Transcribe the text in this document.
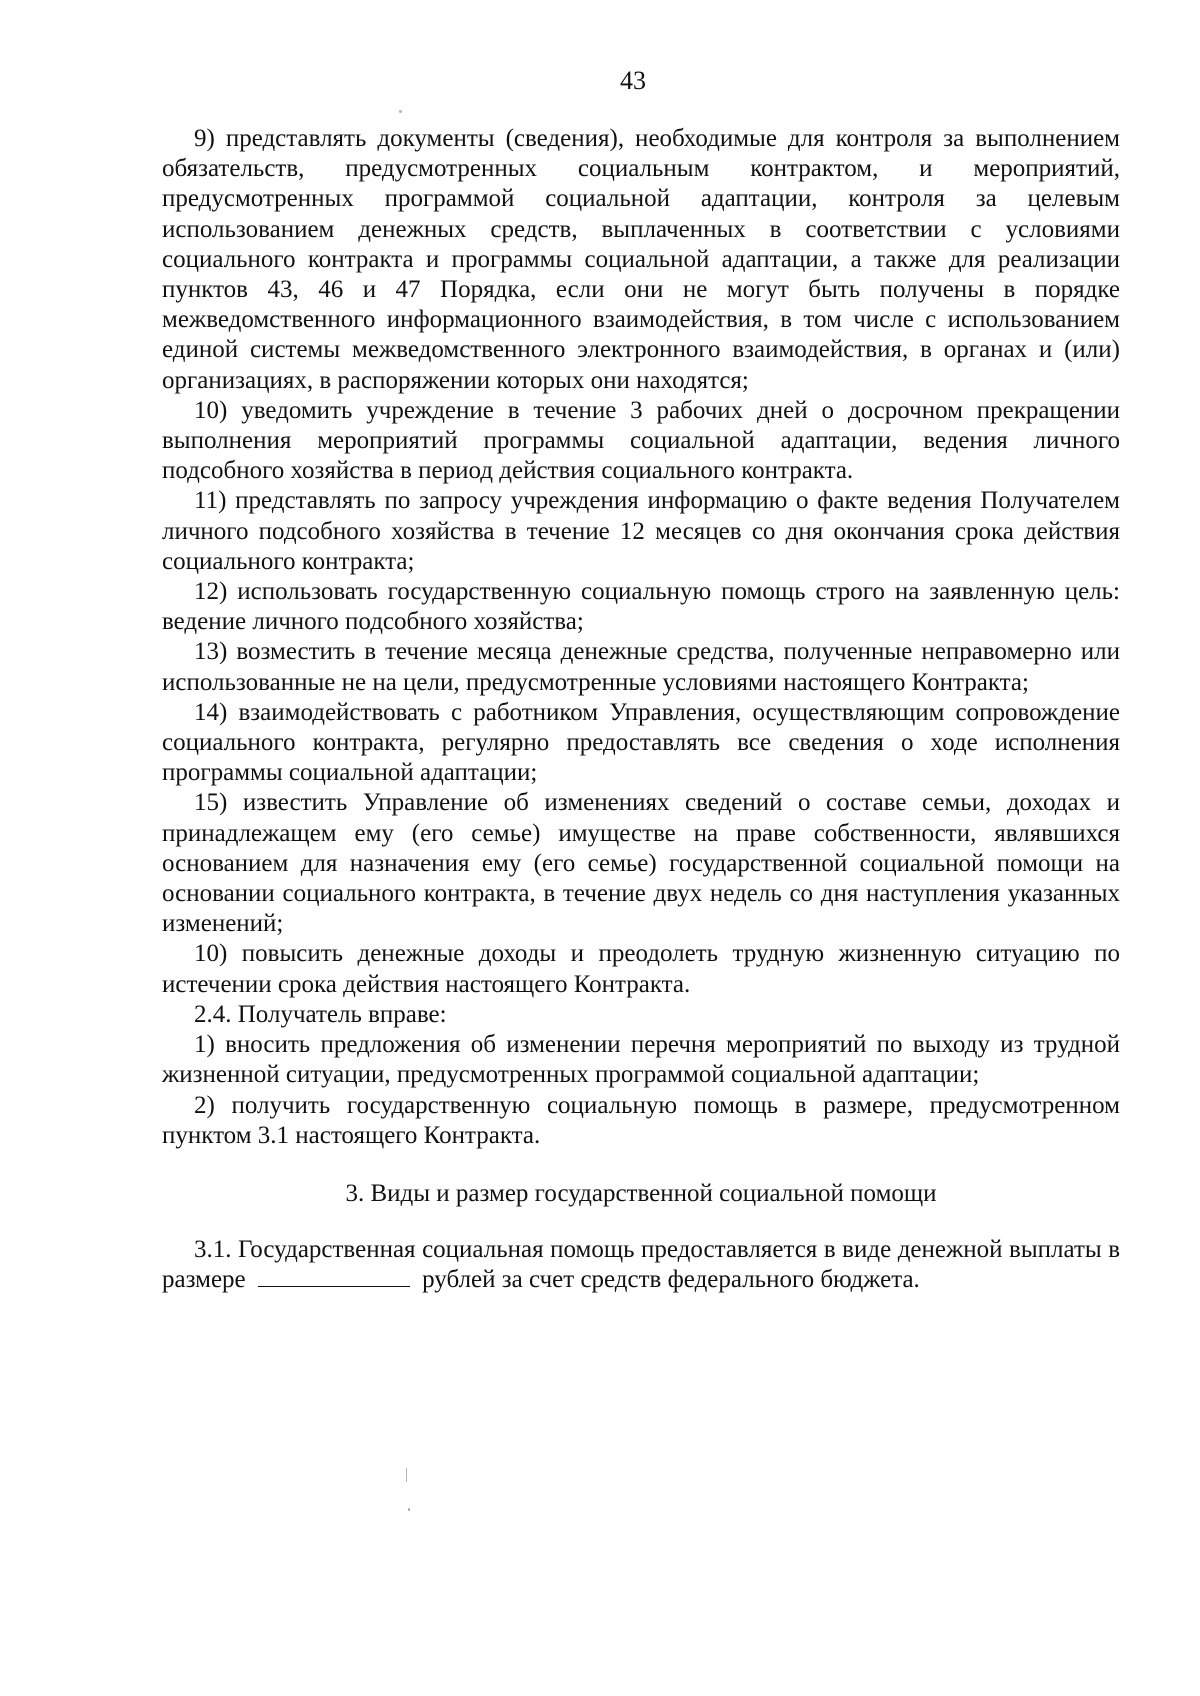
43

9) представлять документы (сведения), необходимые для контроля за выполнением обязательств, предусмотренных социальным контрактом, и мероприятий, предусмотренных программой социальной адаптации, контроля за целевым использованием денежных средств, выплаченных в соответствии с условиями социального контракта и программы социальной адаптации, а также для реализации пунктов 43, 46 и 47 Порядка, если они не могут быть получены в порядке межведомственного информационного взаимодействия, в том числе с использованием единой системы межведомственного электронного взаимодействия, в органах и (или) организациях, в распоряжении которых они находятся;

10) уведомить учреждение в течение 3 рабочих дней о досрочном прекращении выполнения мероприятий программы социальной адаптации, ведения личного подсобного хозяйства в период действия социального контракта.

11) представлять по запросу учреждения информацию о факте ведения Получателем личного подсобного хозяйства в течение 12 месяцев со дня окончания срока действия социального контракта;

12) использовать государственную социальную помощь строго на заявленную цель: ведение личного подсобного хозяйства;

13) возместить в течение месяца денежные средства, полученные неправомерно или использованные не на цели, предусмотренные условиями настоящего Контракта;

14) взаимодействовать с работником Управления, осуществляющим сопровождение социального контракта, регулярно предоставлять все сведения о ходе исполнения программы социальной адаптации;

15) известить Управление об изменениях сведений о составе семьи, доходах и принадлежащем ему (его семье) имуществе на праве собственности, являвшихся основанием для назначения ему (его семье) государственной социальной помощи на основании социального контракта, в течение двух недель со дня наступления указанных изменений;

10) повысить денежные доходы и преодолеть трудную жизненную ситуацию по истечении срока действия настоящего Контракта.

2.4. Получатель вправе:

1) вносить предложения об изменении перечня мероприятий по выходу из трудной жизненной ситуации, предусмотренных программой социальной адаптации;

2) получить государственную социальную помощь в размере, предусмотренном пунктом 3.1 настоящего Контракта.

3. Виды и размер государственной социальной помощи

3.1. Государственная социальная помощь предоставляется в виде денежной выплаты в размере	рублей за счет средств федерального бюджета.
